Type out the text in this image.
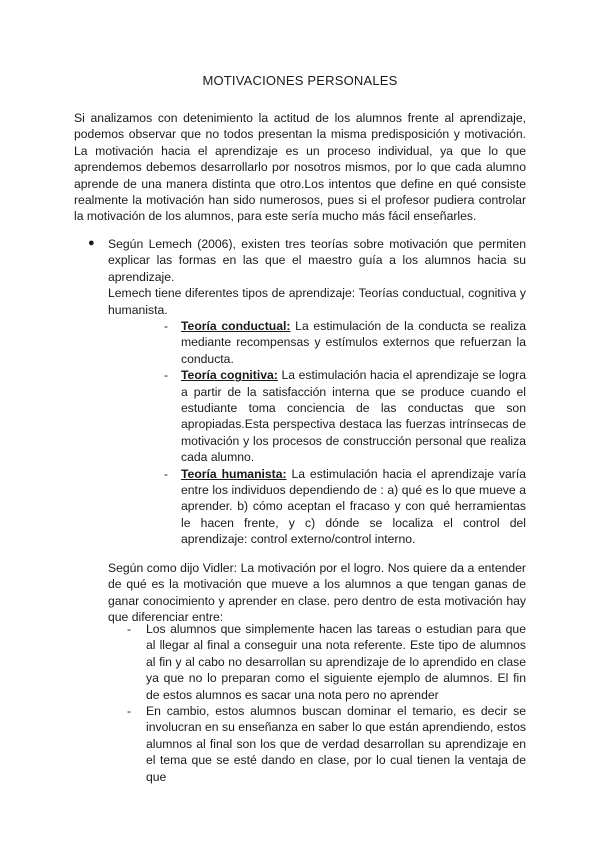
MOTIVACIONES PERSONALES

Si analizamos con detenimiento la actitud de los alumnos frente al aprendizaje, podemos observar que no todos presentan la misma predisposición y motivación. La motivación hacia el aprendizaje es un proceso individual, ya que lo que aprendemos debemos desarrollarlo por nosotros mismos, por lo que cada alumno aprende de una manera distinta que otro.Los intentos que define en qué consiste realmente la motivación han sido numerosos, pues si el profesor pudiera controlar la motivación de los alumnos, para este sería mucho más fácil enseñarles.

● Según Lemech (2006), existen tres teorías sobre motivación que permiten explicar las formas en las que el maestro guía a los alumnos hacia su aprendizaje.

Lemech tiene diferentes tipos de aprendizaje: Teorías conductual, cognitiva y humanista.

- Teoría conductual: La estimulación de la conducta se realiza mediante recompensas y estímulos externos que refuerzan la conducta.
- Teoría cognitiva: La estimulación hacia el aprendizaje se logra a partir de la satisfacción interna que se produce cuando el estudiante toma conciencia de las conductas que son apropiadas.Esta perspectiva destaca las fuerzas intrínsecas de motivación y los procesos de construcción personal que realiza cada alumno.
- Teoría humanista: La estimulación hacia el aprendizaje varía entre los individuos dependiendo de : a) qué es lo que mueve a aprender. b) cómo aceptan el fracaso y con qué herramientas le hacen frente, y c) dónde se localiza el control del aprendizaje: control externo/control interno.

Según como dijo Vidler: La motivación por el logro. Nos quiere da a entender de qué es la motivación que mueve a los alumnos a que tengan ganas de ganar conocimiento y aprender en clase. pero dentro de esta motivación hay que diferenciar entre:

- Los alumnos que simplemente hacen las tareas o estudian para que al llegar al final a conseguir una nota referente. Este tipo de alumnos al fin y al cabo no desarrollan su aprendizaje de lo aprendido en clase ya que no lo preparan como el siguiente ejemplo de alumnos. El fin de estos alumnos es sacar una nota pero no aprender
- En cambio, estos alumnos buscan dominar el temario, es decir se involucran en su enseñanza en saber lo que están aprendiendo, estos alumnos al final son los que de verdad desarrollan su aprendizaje en el tema que se esté dando en clase, por lo cual tienen la ventaja de que
